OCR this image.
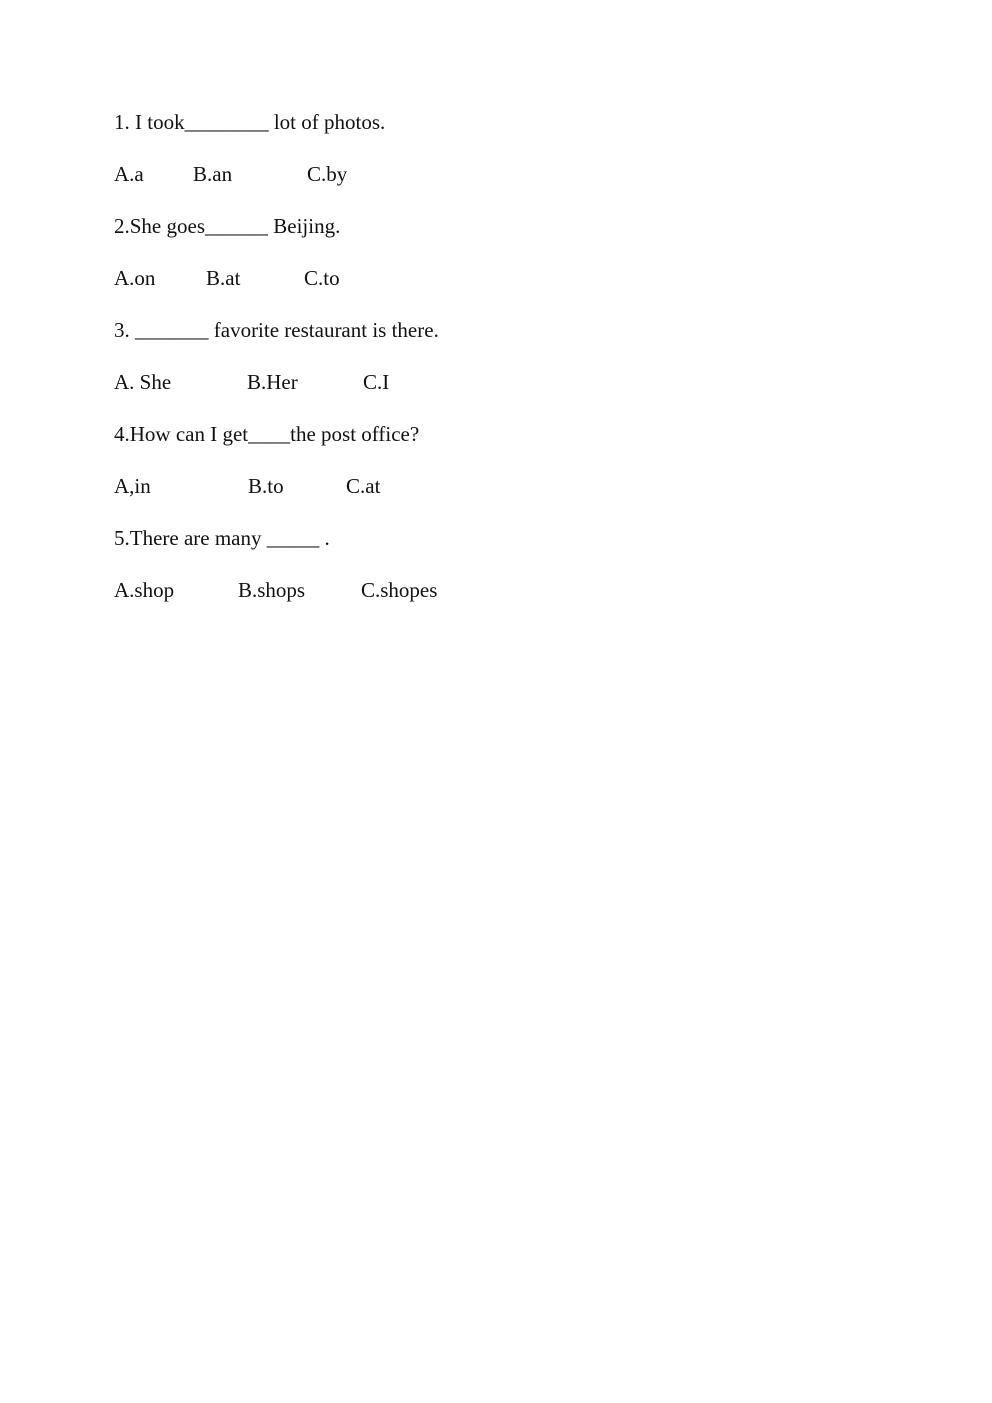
1. I took________ lot of photos.

A.a

B.an

	C.by

2.She goes______ Beijing.

A.on

B.at

	C.to

3. _______ favorite restaurant is there.

A. She

	B.Her

	C.I

4.How can I get____the post office?

A,in

	B.to

	C.at

5.There are many _____ .

A.shop

	B.shops

	C.shopes
